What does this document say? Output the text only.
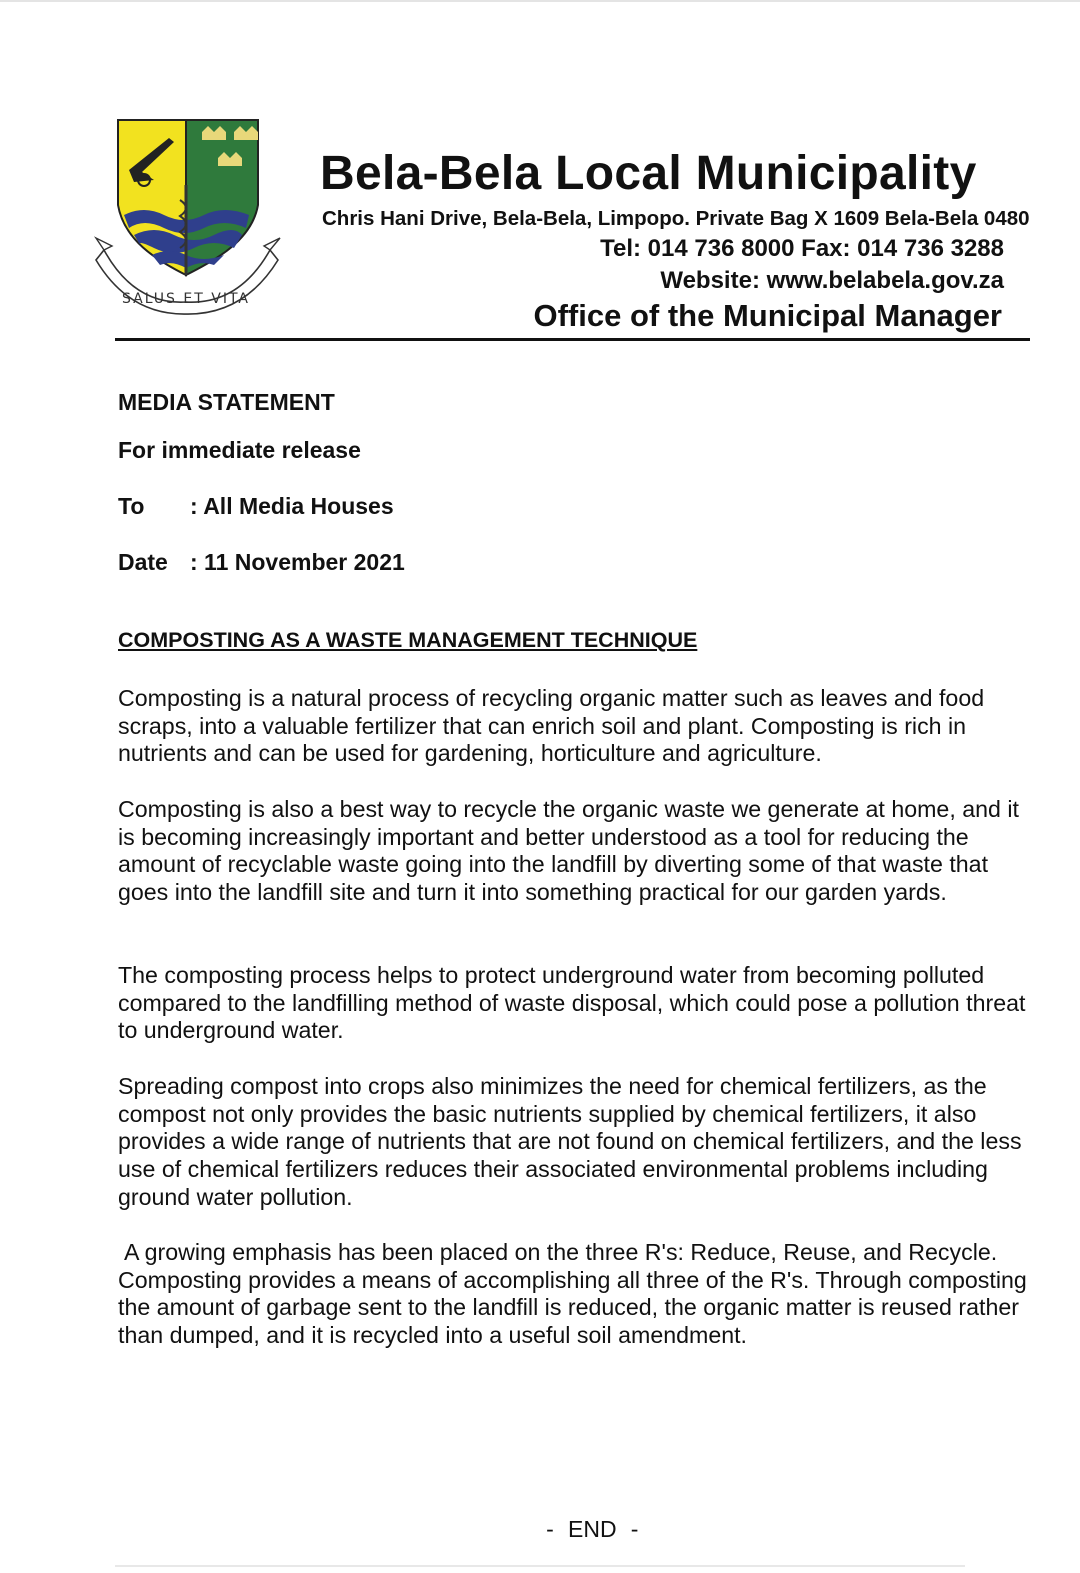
SALUS ET VITA
Bela-Bela Local Municipality
Chris Hani Drive, Bela-Bela, Limpopo. Private Bag X 1609 Bela-Bela 0480
Tel: 014 736 8000 Fax: 014 736 3288
Website: www.belabela.gov.za
Office of the Municipal Manager
MEDIA STATEMENT
For immediate release
To : All Media Houses
Date : 11 November 2021
COMPOSTING AS A WASTE MANAGEMENT TECHNIQUE

Composting is a natural process of recycling organic matter such as leaves and food scraps, into a valuable fertilizer that can enrich soil and plant. Composting is rich in nutrients and can be used for gardening, horticulture and agriculture.

Composting is also a best way to recycle the organic waste we generate at home, and it is becoming increasingly important and better understood as a tool for reducing the amount of recyclable waste going into the landfill by diverting some of that waste that goes into the landfill site and turn it into something practical for our garden yards.

The composting process helps to protect underground water from becoming polluted compared to the landfilling method of waste disposal, which could pose a pollution threat to underground water.

Spreading compost into crops also minimizes the need for chemical fertilizers, as the compost not only provides the basic nutrients supplied by chemical fertilizers, it also provides a wide range of nutrients that are not found on chemical fertilizers, and the less use of chemical fertilizers reduces their associated environmental problems including ground water pollution.

A growing emphasis has been placed on the three R's: Reduce, Reuse, and Recycle. Composting provides a means of accomplishing all three of the R's. Through composting the amount of garbage sent to the landfill is reduced, the organic matter is reused rather than dumped, and it is recycled into a useful soil amendment.

- END -
